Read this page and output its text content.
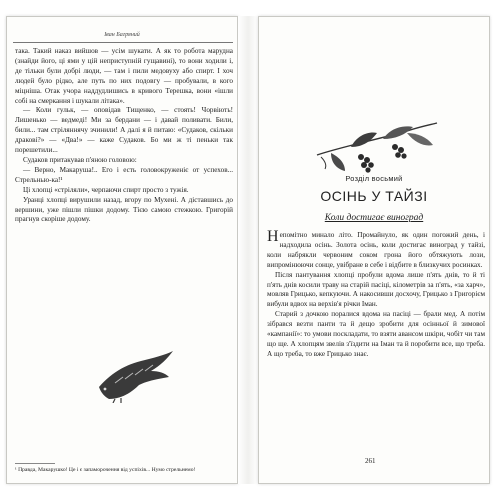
Іван Багряний

така. Такий наказ вийшов — усім шукати. А як то робота марудна (знайди його, ці ями у цій неприступній гущавині), то вони ходили і, де тільки були добрі люди, — там і пили медовуху або спирт. І хоч людей було рідко, але путь по них подовгу — пробували, в кого міцніша. Отак учора наддудлишись в кривого Терешка, вони «ішли собі на смеркання і шукали літака».

— Коли гульк, — оповідав Тищенко, — стоять! Чорвіють! Лишенько — ведмеді! Ми за бердани — і давай поливати. Били, били... там стріляннячу зчинили! А далі я й питаю: «Судаков, скільки дракові?» — «Два!» — каже Судаков. Бо ми ж ті пеньки так порешетили...

Судаков притакував п'яною головою:

— Верно, Макаруша!.. Его і есть головокруженіє от успехов... Стрельнью-ка!¹

Ці хлопці «стріляли», черпаючи спирт просто з тужія.

Уранці хлопці вирушили назад, вгору по Мухені. А діставшись до вершини, уже пішли пішки додому. Тією самою стежкою. Григорій прагнув скоріше додому.

¹ Правда, Макарушко! Це і є запаморочення від успіхів... Нумо стрельнемо!

Розділ восьмий
ОСІНЬ У ТАЙЗІ
Коли достигає виноград

Непомітно минало літо. Промайнуло, як один погожий день, і надходила осінь. Золота осінь, коли достигає виноград у тайзі, коли набрякли червоним соком грона його обтяжують лози, випромінюючи сонце, увібране в себе і відбите в близкучих росинках.

Після пантування хлопці пробули вдома лише п'ять днів, то й ті п'ять днів косили траву на старій пасіці, кілометрів за п'ять, «за харч», мовляв Грицько, кепкуючи. А накосивши досхочу, Грицько з Григорієм вибули вдвох на верхів'я річки Іман.

Старий з дочкою поралися вдома на пасіці — брали мед. А потім зібрався везти панти та й дещо зробити для осінньої й зимової «кампанії»: то умови поскладати, то взяти авансом шкіри, чобіт чи там що ще. А хлопцям звелів з'їздити на Іман та й поробити все, що треба. А що треба, то вже Грицько знає.

261
